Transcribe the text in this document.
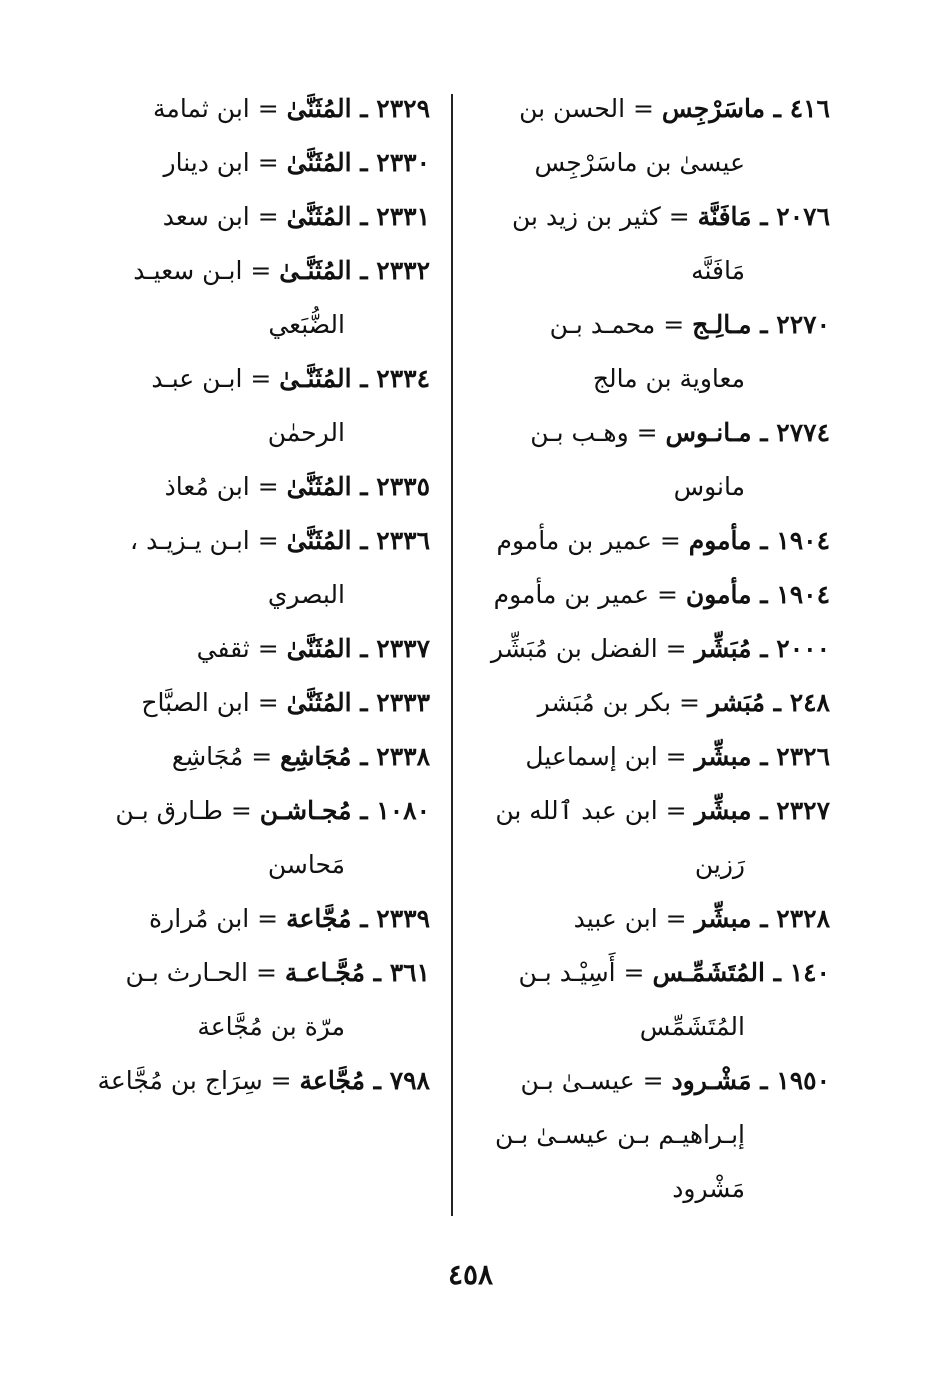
٤١٦ ـ ماسَرْجِس = الحسن بن
عيسىٰ بن ماسَرْجِس
٢٠٧٦ ـ مَافَنَّة = كثير بن زيد بن
مَافَنَّه
٢٢٧٠ ـ مـالِـج = محمـد بـن
معاوية بن مالج
٢٧٧٤ ـ مـانـوس = وهـب بـن
مانوس
١٩٠٤ ـ مأموم = عمير بن مأموم
١٩٠٤ ـ مأمون = عمير بن مأموم
٢٠٠٠ ـ مُبَشِّر = الفضل بن مُبَشِّر
٢٤٨ ـ مُبَشر = بكر بن مُبَشر
٢٣٢٦ ـ مبشِّر = ابن إسماعيل
٢٣٢٧ ـ مبشِّر = ابن عبد ٱلله بن
رَزين
٢٣٢٨ ـ مبشِّر = ابن عبيد
١٤٠ ـ المُتَشَمِّـس = أَسِيْـد بـن
المُتَشَمِّس
١٩٥٠ ـ مَشْـرود = عيسـىٰ بـن
إبـراهيـم بـن عيسـىٰ بـن
مَشْرود
٢٣٢٩ ـ المُثَنَّىٰ = ابن ثمامة
٢٣٣٠ ـ المُثَنَّىٰ = ابن دينار
٢٣٣١ ـ المُثَنَّىٰ = ابن سعد
٢٣٣٢ ـ المُثَنَّـىٰ = ابـن سعيـد
الضُّبَعي
٢٣٣٤ ـ المُثَنَّـىٰ = ابـن عبـد
الرحمٰن
٢٣٣٥ ـ المُثَنَّىٰ = ابن مُعاذ
٢٣٣٦ ـ المُثَنَّىٰ = ابـن يـزيـد ،
البصري
٢٣٣٧ ـ المُثَنَّىٰ = ثقفي
٢٣٣٣ ـ المُثَنَّىٰ = ابن الصبَّاح
٢٣٣٨ ـ مُجَاشِع = مُجَاشِع
١٠٨٠ ـ مُجـاشـن = طـارق بـن
مَحاسن
٢٣٣٩ ـ مُجَّاعة = ابن مُرارة
٣٦١ ـ مُجَّـاعـة = الحـارث بـن
مرّة بن مُجَّاعة
٧٩٨ ـ مُجَّاعة = سِرَاج بن مُجَّاعة
٤٥٨
